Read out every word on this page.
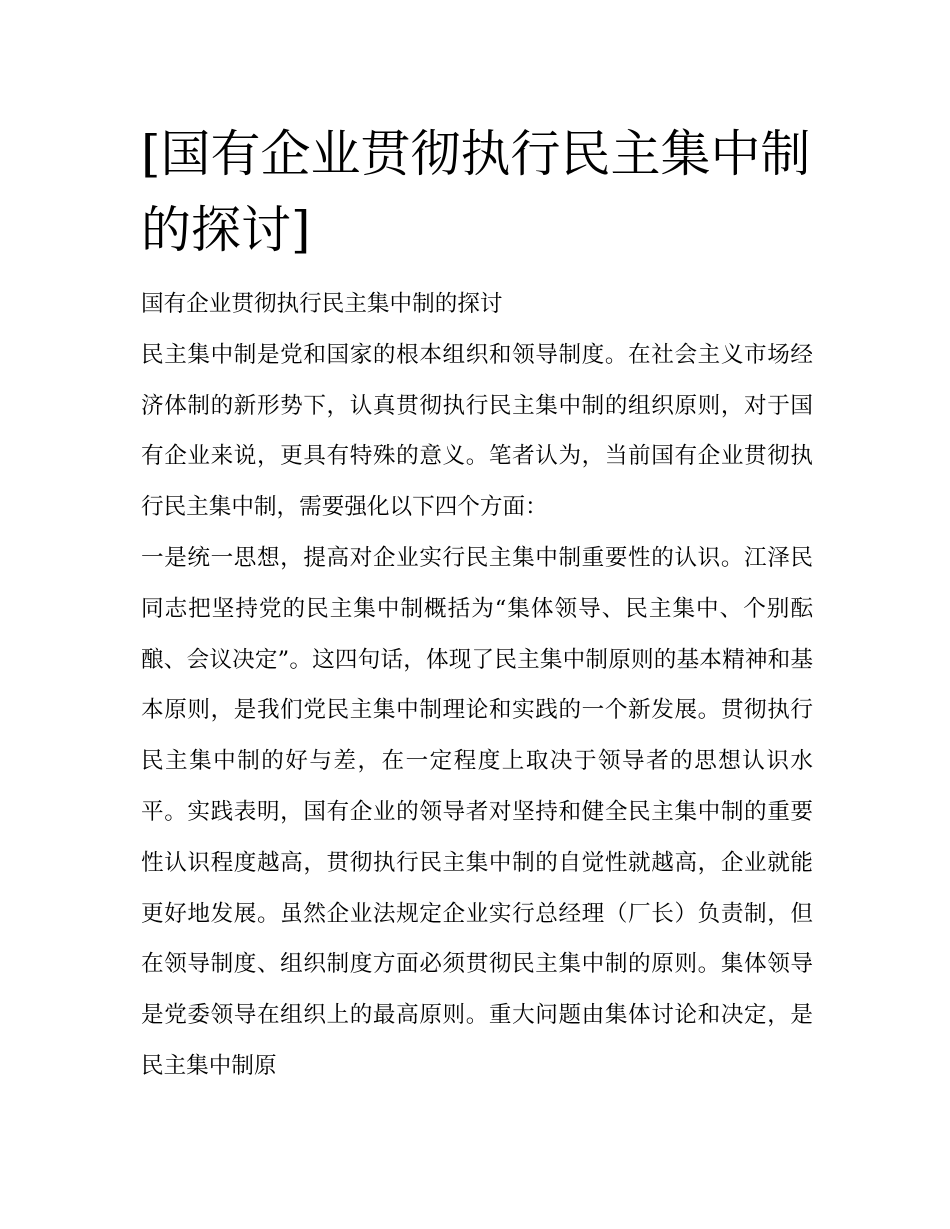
[国有企业贯彻执行民主集中制的探讨]

国有企业贯彻执行民主集中制的探讨

民主集中制是党和国家的根本组织和领导制度。在社会主义市场经济体制的新形势下，认真贯彻执行民主集中制的组织原则，对于国有企业来说，更具有特殊的意义。笔者认为，当前国有企业贯彻执行民主集中制，需要强化以下四个方面：

一是统一思想，提高对企业实行民主集中制重要性的认识。江泽民同志把坚持党的民主集中制概括为“集体领导、民主集中、个别酝酿、会议决定”。这四句话，体现了民主集中制原则的基本精神和基本原则，是我们党民主集中制理论和实践的一个新发展。贯彻执行民主集中制的好与差，在一定程度上取决于领导者的思想认识水平。实践表明，国有企业的领导者对坚持和健全民主集中制的重要性认识程度越高，贯彻执行民主集中制的自觉性就越高，企业就能更好地发展。虽然企业法规定企业实行总经理（厂长）负责制，但在领导制度、组织制度方面必须贯彻民主集中制的原则。集体领导是党委领导在组织上的最高原则。重大问题由集体讨论和决定，是民主集中制原
